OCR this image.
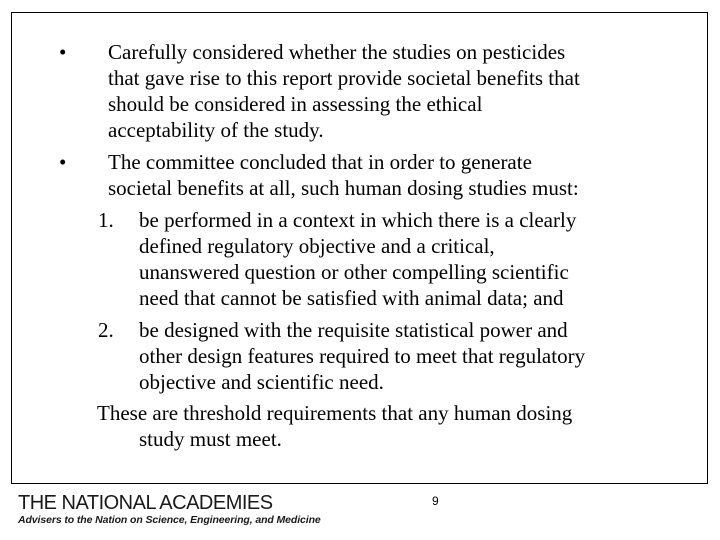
•	Carefully considered whether the studies on pesticides
that gave rise to this report provide societal benefits that
should be considered in assessing the ethical
acceptability of the study.
•	The committee concluded that in order to generate
societal benefits at all, such human dosing studies must:
1.	be performed in a context in which there is a clearly
defined regulatory objective and a critical,
unanswered question or other compelling scientific
need that cannot be satisfied with animal data; and
2.	be designed with the requisite statistical power and
other design features required to meet that regulatory
objective and scientific need.
These are threshold requirements that any human dosing
study must meet.
THE NATIONAL ACADEMIES
Advisers to the Nation on Science, Engineering, and Medicine
9
